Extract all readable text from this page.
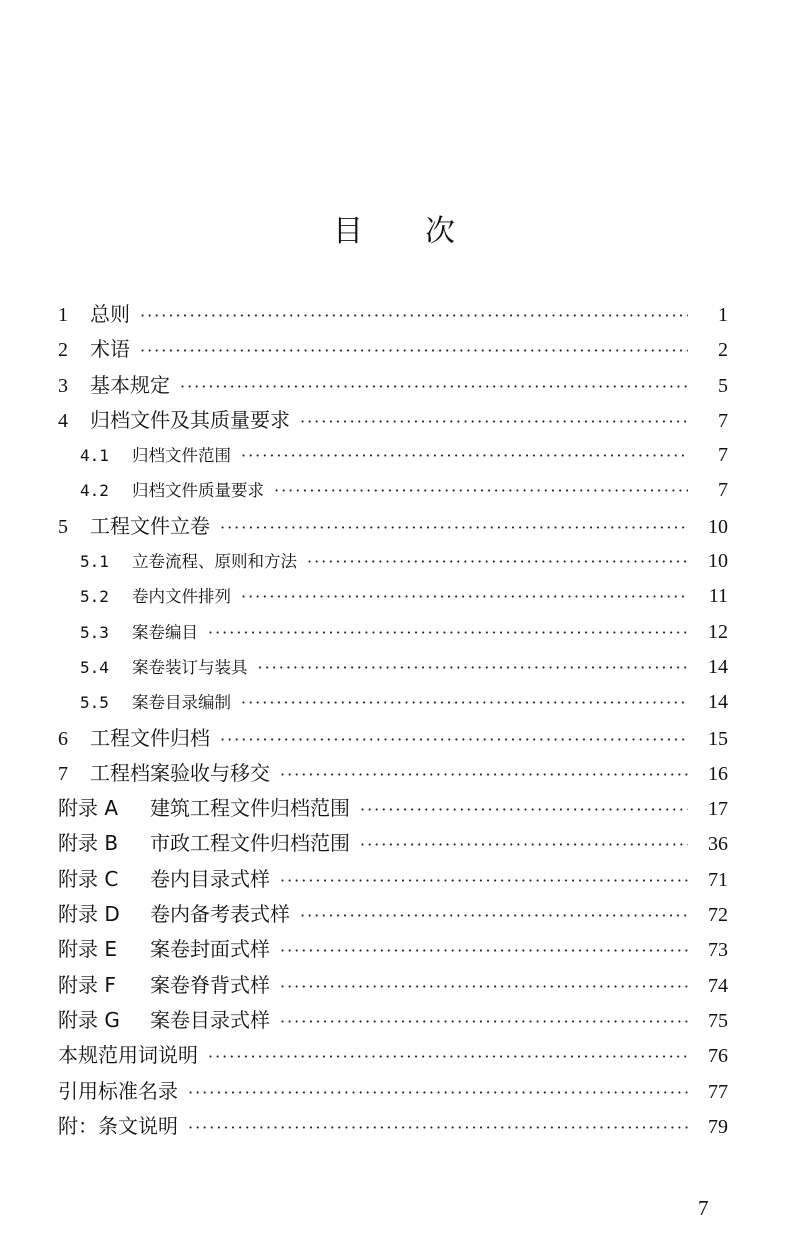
目 次
1	总则 ·····	1
2	术语 ·····	2
3	基本规定 ·····	5
4	归档文件及其质量要求 ·····	7
4.1	归档文件范围 ·····	7
4.2	归档文件质量要求 ·····	7
5	工程文件立卷 ·····	10
5.1	立卷流程、原则和方法 ·····	10
5.2	卷内文件排列 ·····	11
5.3	案卷编目 ·····	12
5.4	案卷装订与装具 ·····	14
5.5	案卷目录编制 ·····	14
6	工程文件归档 ·····	15
7	工程档案验收与移交 ·····	16
附录 A	建筑工程文件归档范围 ·····	17
附录 B	市政工程文件归档范围 ·····	36
附录 C	卷内目录式样 ·····	71
附录 D	卷内备考表式样 ·····	72
附录 E	案卷封面式样 ·····	73
附录 F	案卷脊背式样 ·····	74
附录 G	案卷目录式样 ·····	75
本规范用词说明 ·····	76
引用标准名录 ·····	77
附：条文说明 ·····	79
7
